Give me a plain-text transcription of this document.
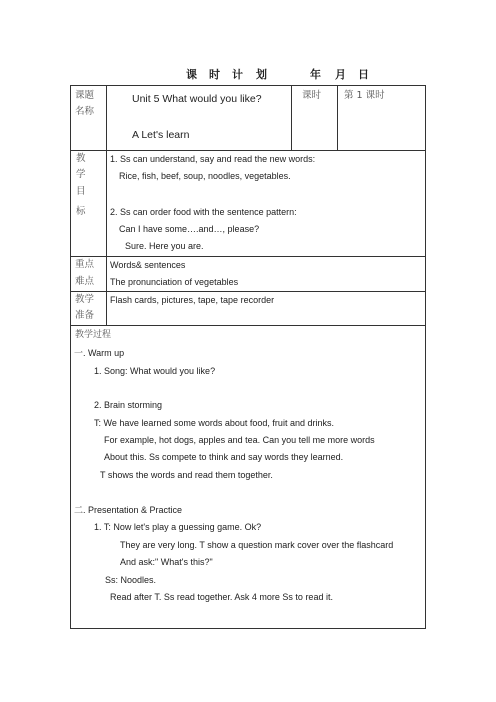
课 时 计 划	年 月 日
课题
名称
Unit 5 What would you like?
A Let's learn
课时 第 1 课时
教
学
目
标
1. Ss can understand, say and read the new words:
Rice, fish, beef, soup, noodles, vegetables.
2. Ss can order food with the sentence pattern:
Can I have some….and…, please?
Sure. Here you are.
重点
难点
Words& sentences
The pronunciation of vegetables
教学
准备
Flash cards, pictures, tape, tape recorder
教学过程
一. Warm up
1. Song: What would you like?
2. Brain storming
T: We have learned some words about food, fruit and drinks.
For example, hot dogs, apples and tea. Can you tell me more words
About this. Ss compete to think and say words they learned.
T shows the words and read them together.
二. Presentation & Practice
1. T: Now let's play a guessing game. Ok?
They are very long. T show a question mark cover over the flashcard
And ask:" What's this?"
Ss: Noodles.
Read after T. Ss read together. Ask 4 more Ss to read it.
